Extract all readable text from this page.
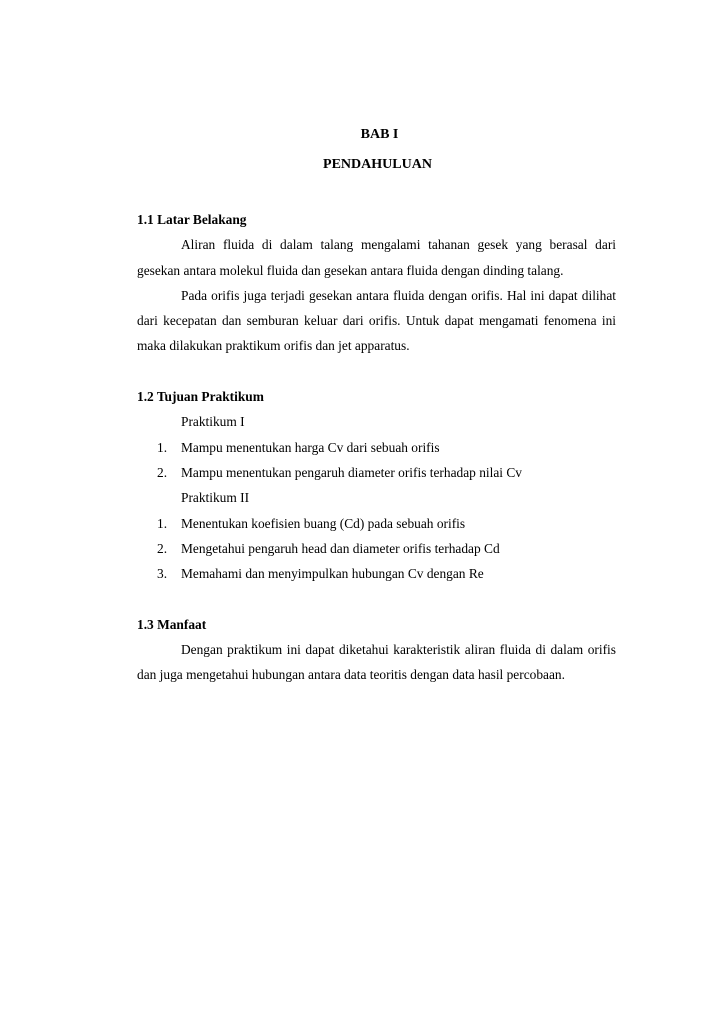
BAB I
PENDAHULUAN

1.1 Latar Belakang

Aliran fluida di dalam talang mengalami tahanan gesek yang berasal dari gesekan antara molekul fluida dan gesekan antara fluida dengan dinding talang.

Pada orifis juga terjadi gesekan antara fluida dengan orifis. Hal ini dapat dilihat dari kecepatan dan semburan keluar dari orifis. Untuk dapat mengamati fenomena ini maka dilakukan praktikum orifis dan jet apparatus.

1.2 Tujuan Praktikum

Praktikum I

1. Mampu menentukan harga Cv dari sebuah orifis
2. Mampu menentukan pengaruh diameter orifis terhadap nilai Cv

Praktikum II

1. Menentukan koefisien buang (Cd) pada sebuah orifis
2. Mengetahui pengaruh head dan diameter orifis terhadap Cd
3. Memahami dan menyimpulkan hubungan Cv dengan Re

1.3 Manfaat

Dengan praktikum ini dapat diketahui karakteristik aliran fluida di dalam orifis dan juga mengetahui hubungan antara data teoritis dengan data hasil percobaan.
